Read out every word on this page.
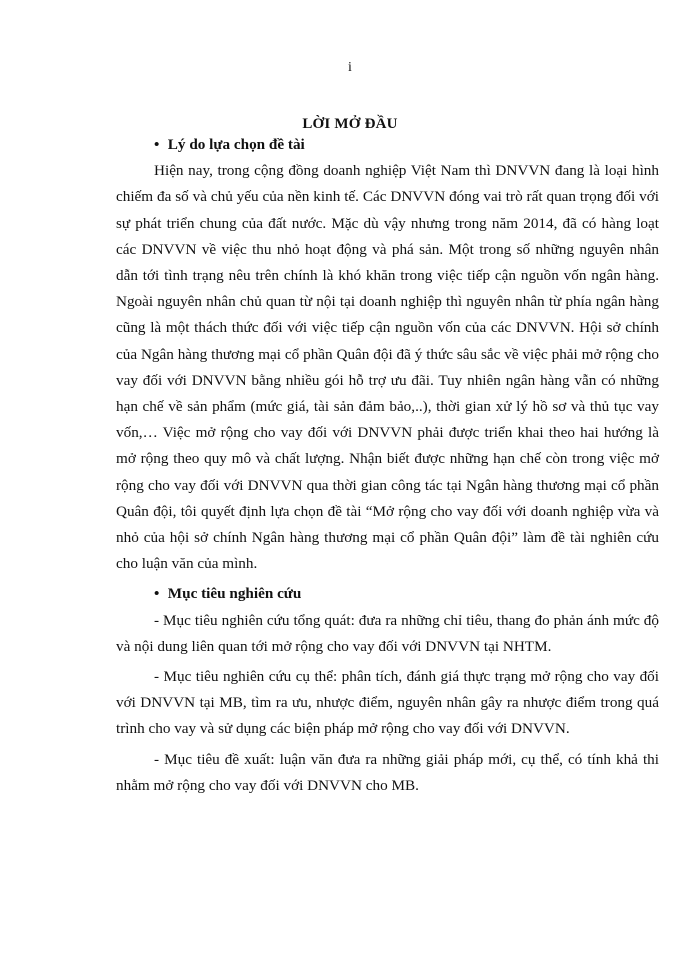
i
LỜI MỞ ĐẦU

• Lý do lựa chọn đề tài

Hiện nay, trong cộng đồng doanh nghiệp Việt Nam thì DNVVN đang là loại hình chiếm đa số và chủ yếu của nền kinh tế. Các DNVVN đóng vai trò rất quan trọng đối với sự phát triển chung của đất nước. Mặc dù vậy nhưng trong năm 2014, đã có hàng loạt các DNVVN về việc thu nhỏ hoạt động và phá sản. Một trong số những nguyên nhân dẫn tới tình trạng nêu trên chính là khó khăn trong việc tiếp cận nguồn vốn ngân hàng. Ngoài nguyên nhân chủ quan từ nội tại doanh nghiệp thì nguyên nhân từ phía ngân hàng cũng là một thách thức đối với việc tiếp cận nguồn vốn của các DNVVN. Hội sở chính của Ngân hàng thương mại cổ phần Quân đội đã ý thức sâu sắc về việc phải mở rộng cho vay đối với DNVVN bằng nhiều gói hỗ trợ ưu đãi. Tuy nhiên ngân hàng vẫn có những hạn chế về sản phẩm (mức giá, tài sản đảm bảo,..), thời gian xử lý hồ sơ và thủ tục vay vốn,… Việc mở rộng cho vay đối với DNVVN phải được triển khai theo hai hướng là mở rộng theo quy mô và chất lượng. Nhận biết được những hạn chế còn trong việc mở rộng cho vay đối với DNVVN qua thời gian công tác tại Ngân hàng thương mại cổ phần Quân đội, tôi quyết định lựa chọn đề tài “Mở rộng cho vay đối với doanh nghiệp vừa và nhỏ của hội sở chính Ngân hàng thương mại cổ phần Quân đội” làm đề tài nghiên cứu cho luận văn của mình.

• Mục tiêu nghiên cứu

- Mục tiêu nghiên cứu tổng quát: đưa ra những chỉ tiêu, thang đo phản ánh mức độ và nội dung liên quan tới mở rộng cho vay đối với DNVVN tại NHTM.

- Mục tiêu nghiên cứu cụ thể: phân tích, đánh giá thực trạng mở rộng cho vay đối với DNVVN tại MB, tìm ra ưu, nhược điểm, nguyên nhân gây ra nhược điểm trong quá trình cho vay và sử dụng các biện pháp mở rộng cho vay đối với DNVVN.

- Mục tiêu đề xuất: luận văn đưa ra những giải pháp mới, cụ thể, có tính khả thi nhằm mở rộng cho vay đối với DNVVN cho MB.
